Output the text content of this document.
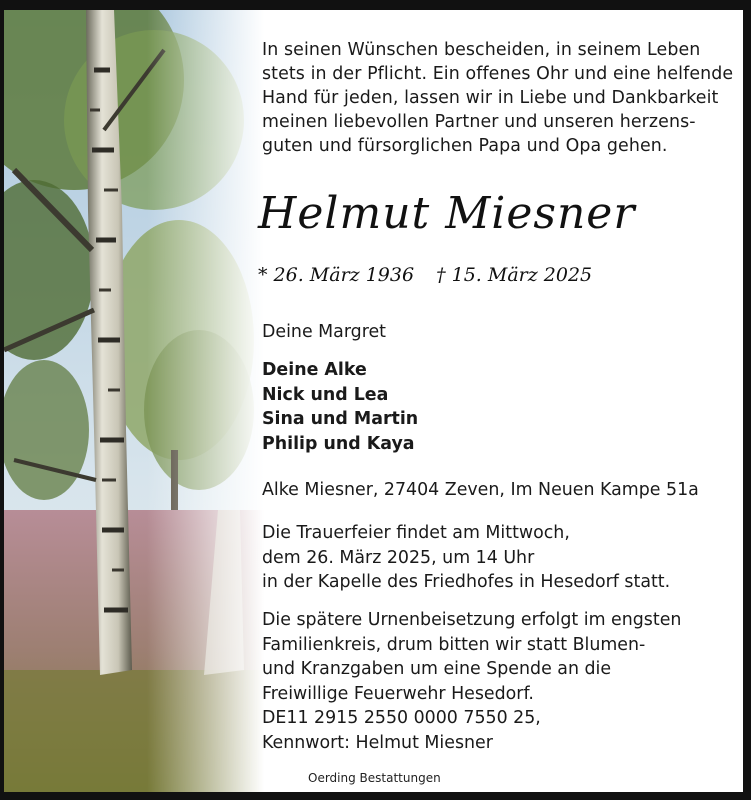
In seinen Wünschen bescheiden, in seinem Leben
stets in der Pflicht. Ein offenes Ohr und eine helfende
Hand für jeden, lassen wir in Liebe und Dankbarkeit
meinen liebevollen Partner und unseren herzens-
guten und fürsorglichen Papa und Opa gehen.
Helmut Miesner
* 26. März 1936 † 15. März 2025
Deine Margret
Deine Alke
Nick und Lea
Sina und Martin
Philip und Kaya
Alke Miesner, 27404 Zeven, Im Neuen Kampe 51a
Die Trauerfeier findet am Mittwoch,
dem 26. März 2025, um 14 Uhr
in der Kapelle des Friedhofes in Hesedorf statt.
Die spätere Urnenbeisetzung erfolgt im engsten
Familienkreis, drum bitten wir statt Blumen-
und Kranzgaben um eine Spende an die
Freiwillige Feuerwehr Hesedorf.
DE11 2915 2550 0000 7550 25,
Kennwort: Helmut Miesner
Oerding Bestattungen
